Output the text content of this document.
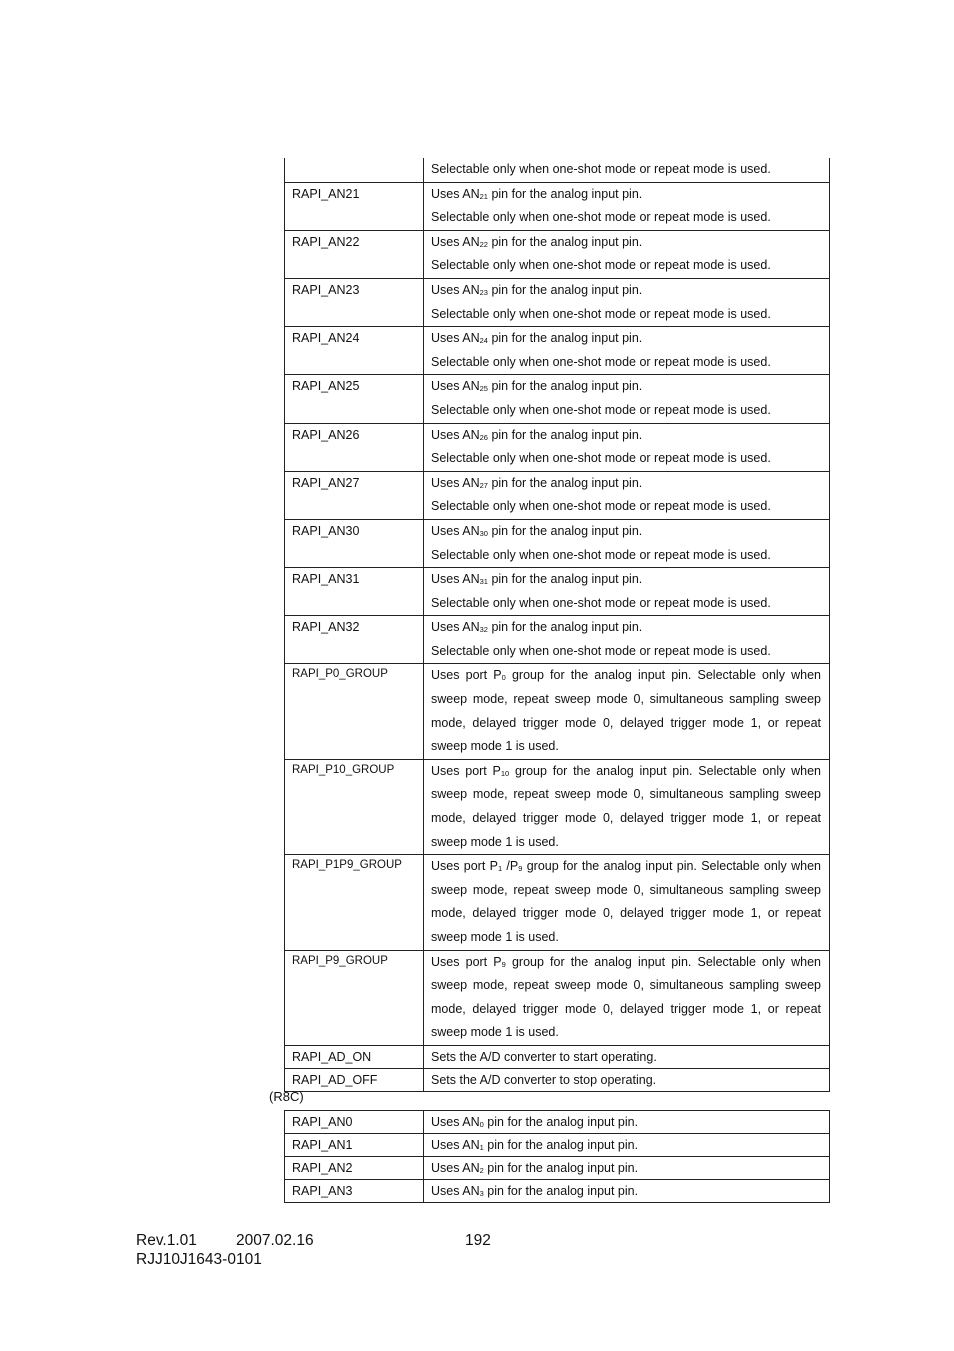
	Selectable only when one-shot mode or repeat mode is used.

RAPI_AN21	Uses $AN_{21}$ pin for the analog input pin.
Selectable only when one-shot mode or repeat mode is used.

RAPI_AN22	Uses $AN_{22}$ pin for the analog input pin.
Selectable only when one-shot mode or repeat mode is used.

RAPI_AN23	Uses $AN_{23}$ pin for the analog input pin.
Selectable only when one-shot mode or repeat mode is used.

RAPI_AN24	Uses $AN_{24}$ pin for the analog input pin.
Selectable only when one-shot mode or repeat mode is used.

RAPI_AN25	Uses $AN_{25}$ pin for the analog input pin.
Selectable only when one-shot mode or repeat mode is used.

RAPI_AN26	Uses $AN_{26}$ pin for the analog input pin.
Selectable only when one-shot mode or repeat mode is used.

RAPI_AN27	Uses $AN_{27}$ pin for the analog input pin.
Selectable only when one-shot mode or repeat mode is used.

RAPI_AN30	Uses $AN_{30}$ pin for the analog input pin.
Selectable only when one-shot mode or repeat mode is used.

RAPI_AN31	Uses $AN_{31}$ pin for the analog input pin.
Selectable only when one-shot mode or repeat mode is used.

RAPI_AN32	Uses $AN_{32}$ pin for the analog input pin.
Selectable only when one-shot mode or repeat mode is used.

RAPI_P0_GROUP	Uses port $P_0$ group for the analog input pin. Selectable only when sweep mode, repeat sweep mode 0, simultaneous sampling sweep mode, delayed trigger mode 0, delayed trigger mode 1, or repeat sweep mode 1 is used.

RAPI_P10_GROUP	Uses port $P_{10}$ group for the analog input pin. Selectable only when sweep mode, repeat sweep mode 0, simultaneous sampling sweep mode, delayed trigger mode 0, delayed trigger mode 1, or repeat sweep mode 1 is used.

RAPI_P1P9_GROUP	Uses port $P_1$ $/P_9$ group for the analog input pin. Selectable only when sweep mode, repeat sweep mode 0, simultaneous sampling sweep mode, delayed trigger mode 0, delayed trigger mode 1, or repeat sweep mode 1 is used.

RAPI_P9_GROUP	Uses port $P_9$ group for the analog input pin. Selectable only when sweep mode, repeat sweep mode 0, simultaneous sampling sweep mode, delayed trigger mode 0, delayed trigger mode 1, or repeat sweep mode 1 is used.

RAPI_AD_ON	Sets the A/D converter to start operating.

RAPI_AD_OFF	Sets the A/D converter to stop operating.
(R8C)
RAPI_AN0	Uses $AN_0$ pin for the analog input pin.

RAPI_AN1	Uses $AN_1$ pin for the analog input pin.

RAPI_AN2	Uses $AN_2$ pin for the analog input pin.

RAPI_AN3	Uses $AN_3$ pin for the analog input pin.
Rev.1.01	2007.02.16	192
RJJ10J1643-0101
